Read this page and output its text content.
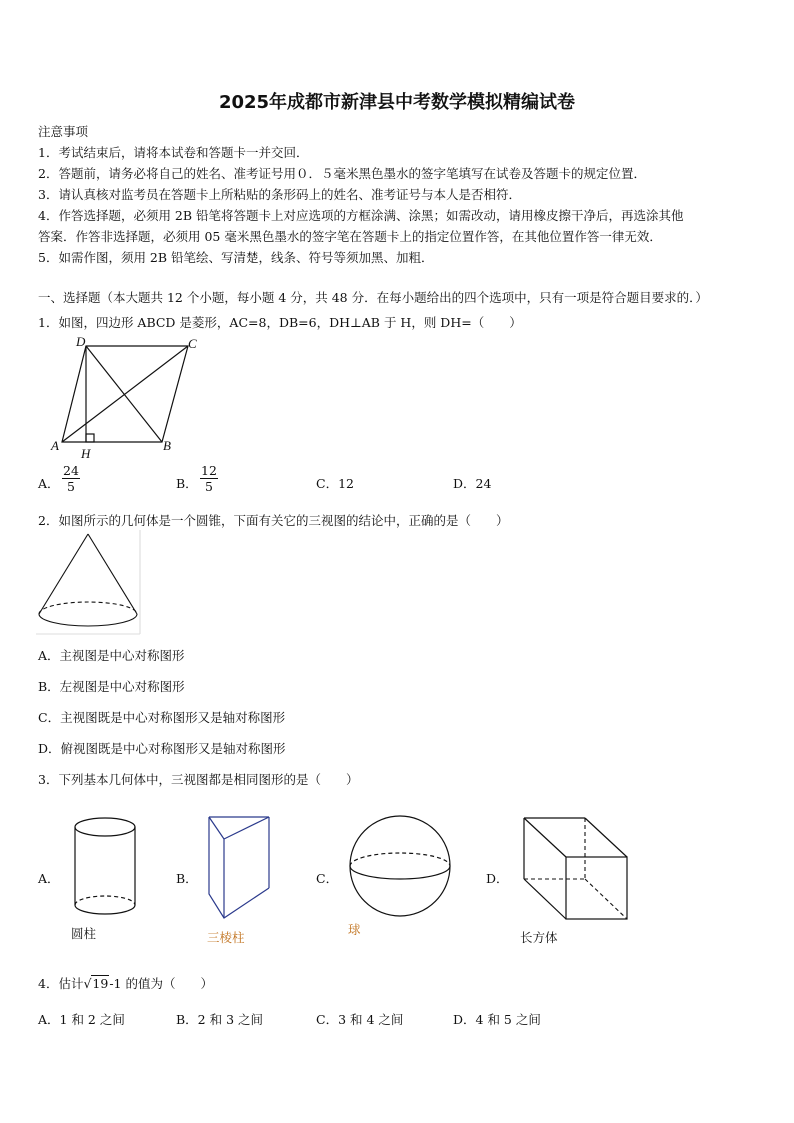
2025年成都市新津县中考数学模拟精编试卷
注意事项
1．考试结束后，请将本试卷和答题卡一并交回．
2．答题前，请务必将自己的姓名、准考证号用０．５毫米黑色墨水的签字笔填写在试卷及答题卡的规定位置．
3．请认真核对监考员在答题卡上所粘贴的条形码上的姓名、准考证号与本人是否相符．
4．作答选择题，必须用 2B 铅笔将答题卡上对应选项的方框涂满、涂黑；如需改动，请用橡皮擦干净后，再选涂其他
答案．作答非选择题，必须用 05 毫米黑色墨水的签字笔在答题卡上的指定位置作答，在其他位置作答一律无效．
5．如需作图，须用 2B 铅笔绘、写清楚，线条、符号等须加黑、加粗．
一、选择题（本大题共 12 个小题，每小题 4 分，共 48 分．在每小题给出的四个选项中，只有一项是符合题目要求的．）
1．如图，四边形 ABCD 是菱形，AC=8，DB=6，DH⊥AB 于 H，则 DH=（　　）
D	C
A	B
H
A． $\frac{24}{5}$	B． $\frac{12}{5}$	C．12	D．24
2．如图所示的几何体是一个圆锥，下面有关它的三视图的结论中，正确的是（　　）
A．主视图是中心对称图形
B．左视图是中心对称图形
C．主视图既是中心对称图形又是轴对称图形
D．俯视图既是中心对称图形又是轴对称图形
3．下列基本几何体中，三视图都是相同图形的是（　　）
A．
圆柱
B．
三棱柱
C．
球
D．
长方体
4．估计√19-1 的值为（　　）
A．1 和 2 之间	B．2 和 3 之间	C．3 和 4 之间	D．4 和 5 之间
